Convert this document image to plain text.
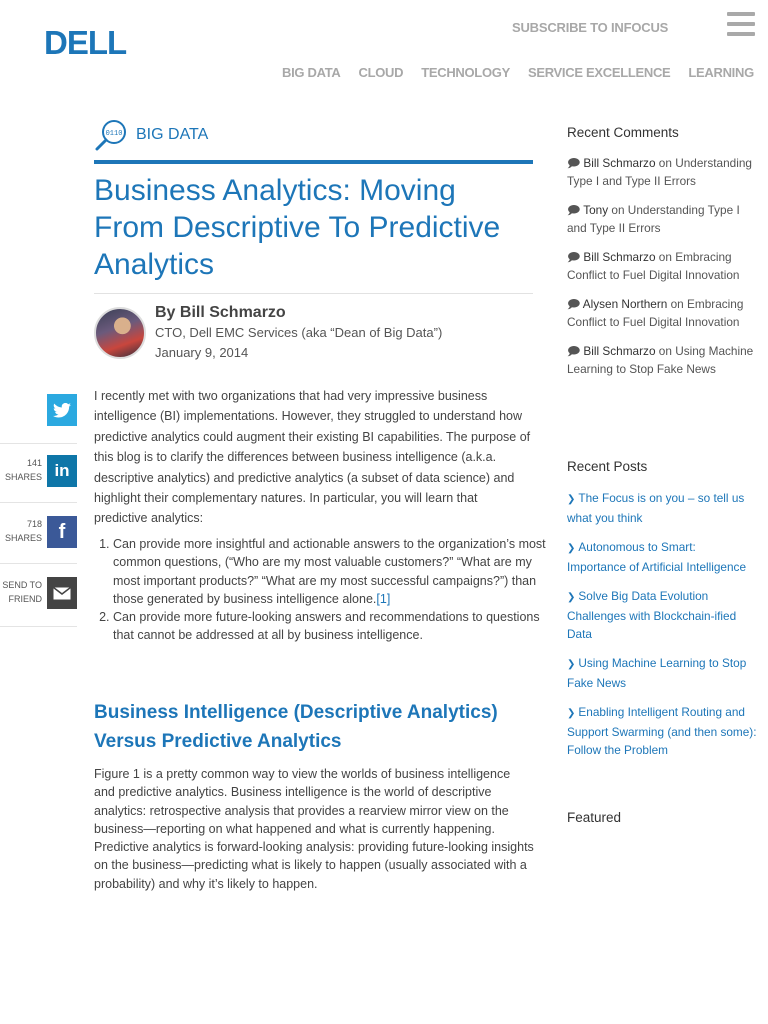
DELL	SUBSCRIBE TO INFOCUS
BIG DATA CLOUD TECHNOLOGY SERVICE EXCELLENCE LEARNING
0110 BIG DATA
Business Analytics: Moving From Descriptive To Predictive Analytics
By Bill Schmarzo
CTO, Dell EMC Services (aka “Dean of Big Data”)
January 9, 2014
141
SHARES in
718
SHARES f
SEND TO
FRIEND

I recently met with two organizations that had very impressive business intelligence (BI) implementations. However, they struggled to understand how predictive analytics could augment their existing BI capabilities. The purpose of this blog is to clarify the differences between business intelligence (a.k.a. descriptive analytics) and predictive analytics (a subset of data science) and highlight their complementary natures. In particular, you will learn that predictive analytics:

1. Can provide more insightful and actionable answers to the organization’s most common questions, (“Who are my most valuable customers?” “What are my most important products?” “What are my most successful campaigns?”) than those generated by business intelligence alone.[1]
2. Can provide more future-looking answers and recommendations to questions that cannot be addressed at all by business intelligence.
Business Intelligence (Descriptive Analytics) Versus Predictive Analytics

Figure 1 is a pretty common way to view the worlds of business intelligence and predictive analytics. Business intelligence is the world of descriptive analytics: retrospective analysis that provides a rearview mirror view on the business—reporting on what happened and what is currently happening. Predictive analytics is forward-looking analysis: providing future-looking insights on the business—predicting what is likely to happen (usually associated with a probability) and why it’s likely to happen.

Recent Comments
🗩 Bill Schmarzo on Understanding Type I and Type II Errors
🗩 Tony on Understanding Type I and Type II Errors
🗩 Bill Schmarzo on Embracing Conflict to Fuel Digital Innovation
🗩 Alysen Northern on Embracing Conflict to Fuel Digital Innovation
🗩 Bill Schmarzo on Using Machine Learning to Stop Fake News
Recent Posts
❯ The Focus is on you – so tell us what you think
❯ Autonomous to Smart: Importance of Artificial Intelligence
❯ Solve Big Data Evolution Challenges with Blockchain-ified Data
❯ Using Machine Learning to Stop Fake News
❯ Enabling Intelligent Routing and Support Swarming (and then some): Follow the Problem
Featured
